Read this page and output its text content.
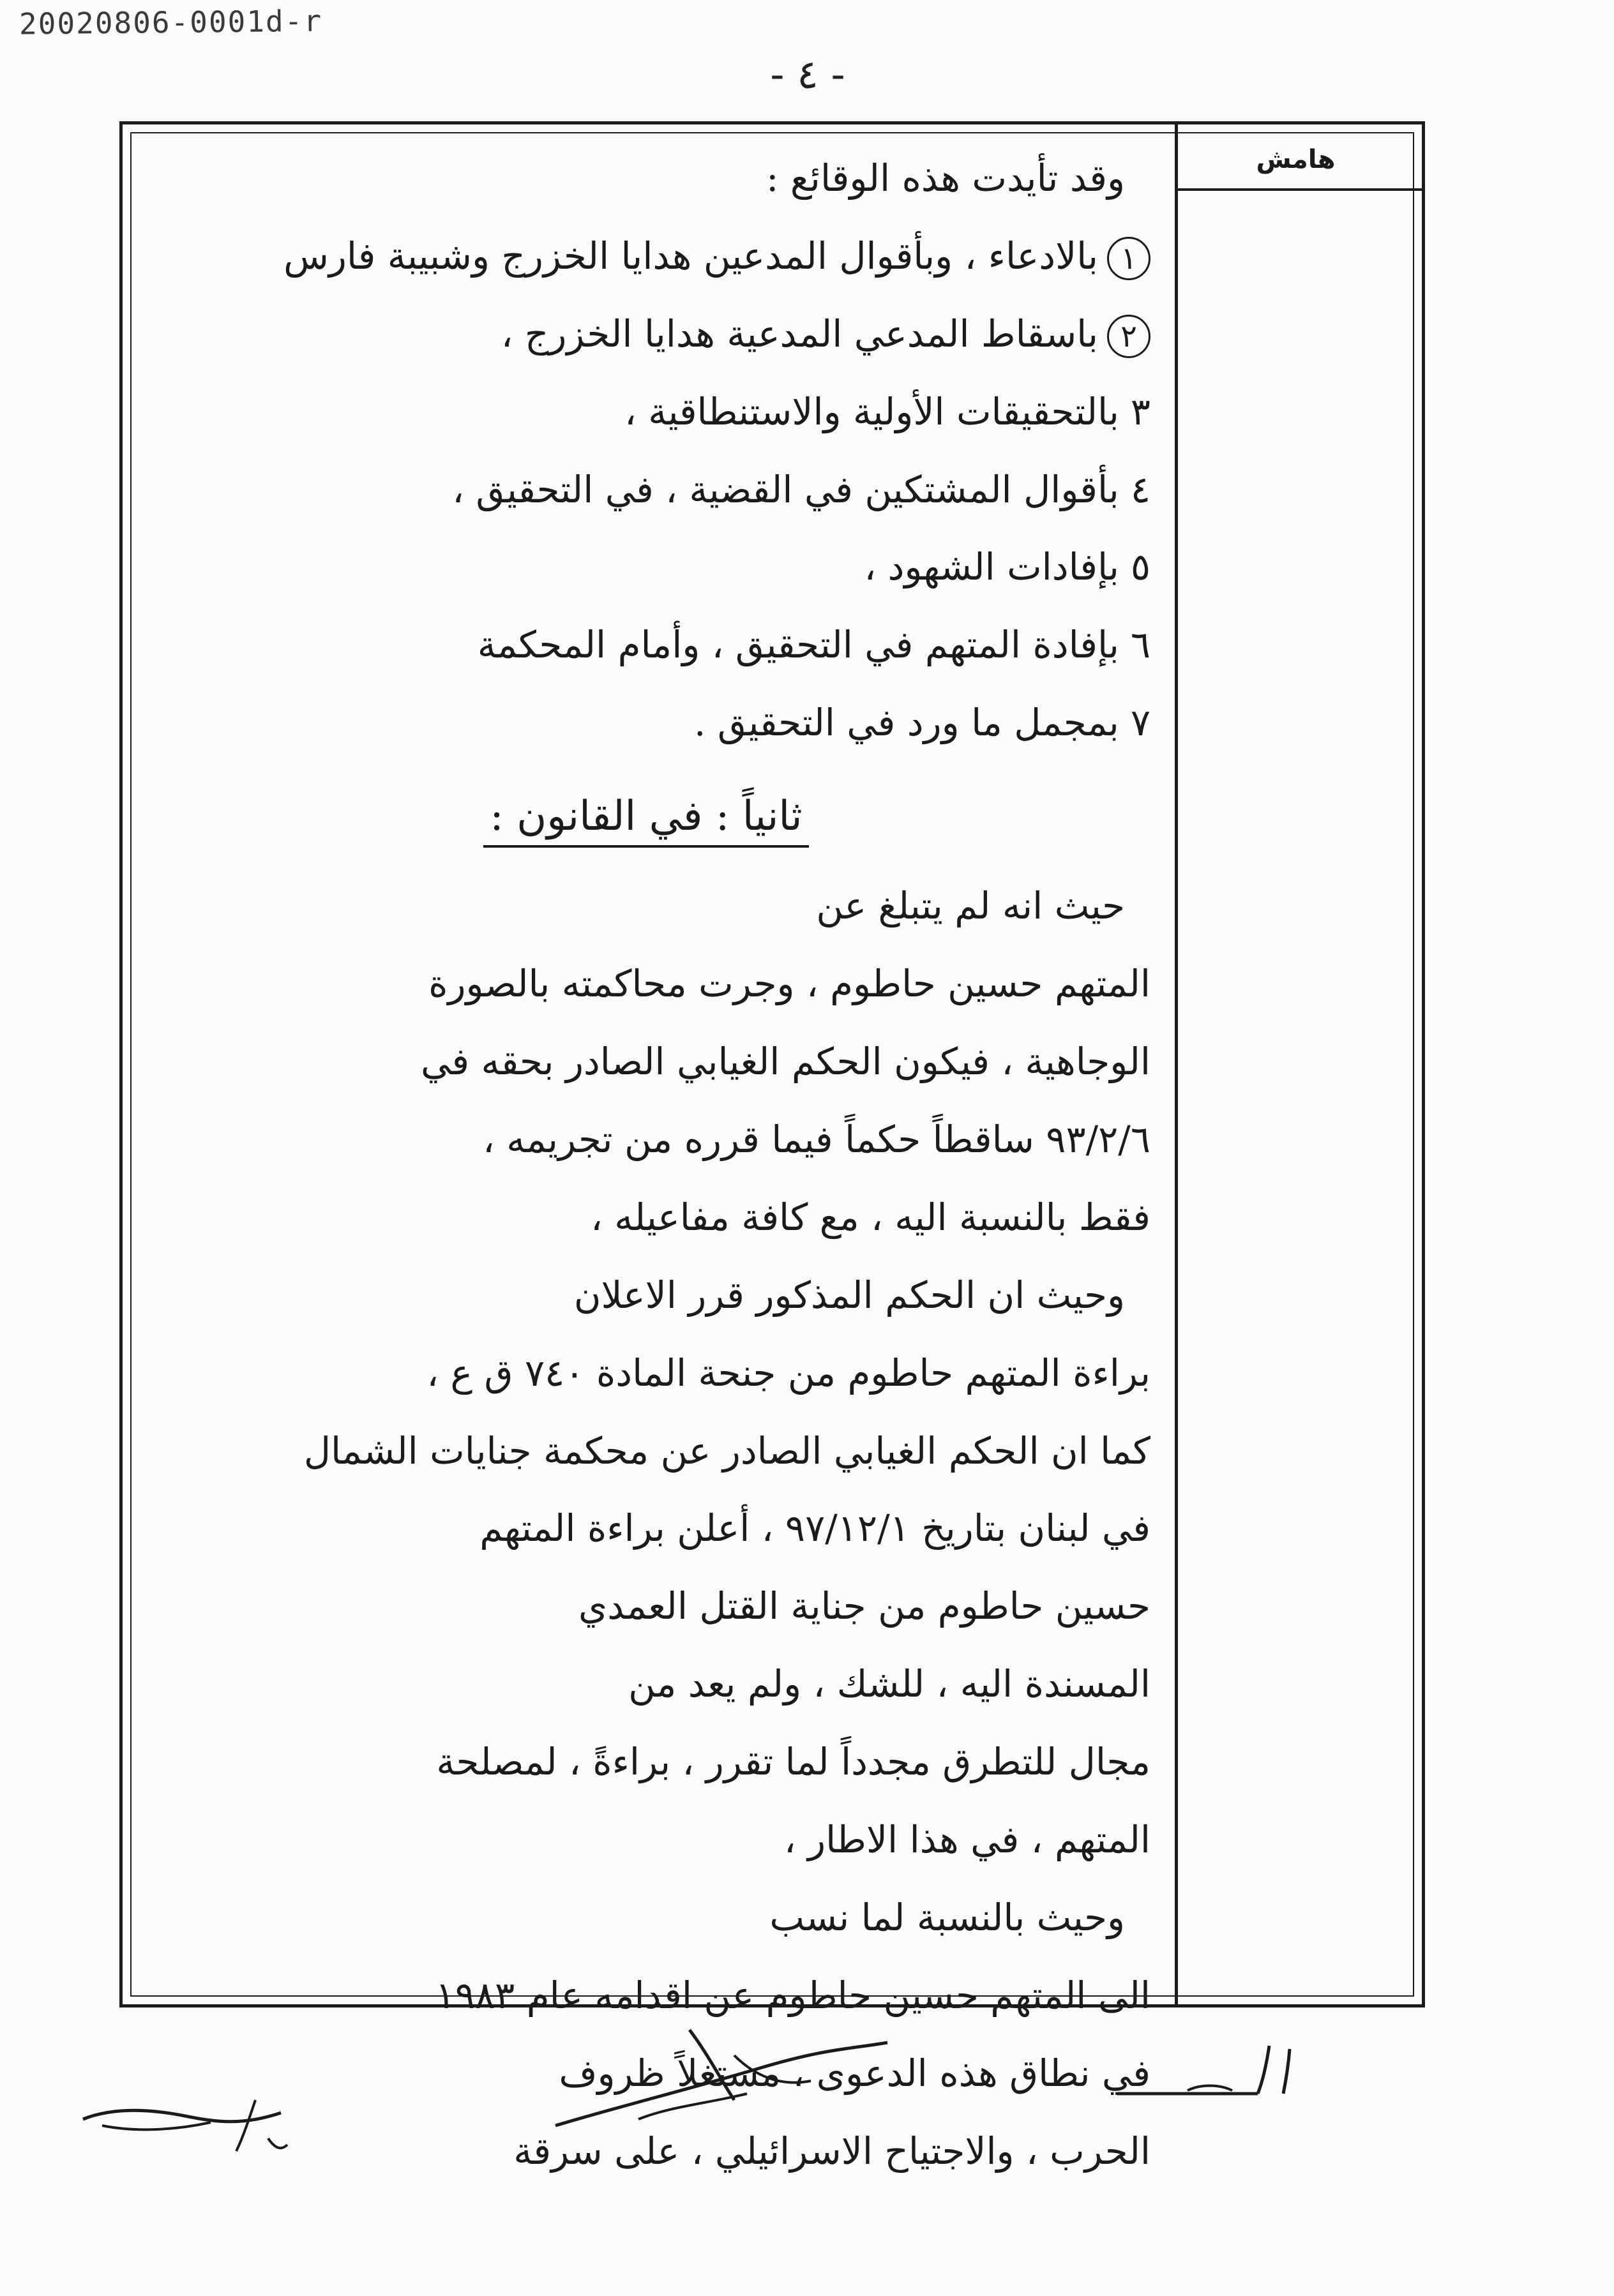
20020806-0001d-r
- ٤ -
هامش

وقد تأيدت هذه الوقائع :

١بالادعاء ، وبأقوال المدعين هدايا الخزرج وشبيبة فارس

٢باسقاط المدعي المدعية هدايا الخزرج ،

٣بالتحقيقات الأولية والاستنطاقية ،

٤بأقوال المشتكين في القضية ، في التحقيق ،

٥بإفادات الشهود ،

٦بإفادة المتهم في التحقيق ، وأمام المحكمة

٧بمجمل ما ورد في التحقيق .

ثانياً : في القانون :

حيث انه لم يتبلغ عن

المتهم حسين حاطوم ، وجرت محاكمته بالصورة

الوجاهية ، فيكون الحكم الغيابي الصادر بحقه في

٩٣/٢/٦ ساقطاً حكماً فيما قرره من تجريمه ،

فقط بالنسبة اليه ، مع كافة مفاعيله ،

وحيث ان الحكم المذكور قرر الاعلان

براءة المتهم حاطوم من جنحة المادة ٧٤٠ ق ع ،

كما ان الحكم الغيابي الصادر عن محكمة جنايات الشمال

في لبنان بتاريخ ٩٧/١٢/١ ، أعلن براءة المتهم

حسين حاطوم من جناية القتل العمدي

المسندة اليه ، للشك ، ولم يعد من

مجال للتطرق مجدداً لما تقرر ، براءةً ، لمصلحة

المتهم ، في هذا الاطار ،

وحيث بالنسبة لما نسب

الى المتهم حسين حاطوم عن اقدامه عام ١٩٨٣

في نطاق هذه الدعوى ، مستغلاً ظروف

الحرب ، والاجتياح الاسرائيلي ، على سرقة
